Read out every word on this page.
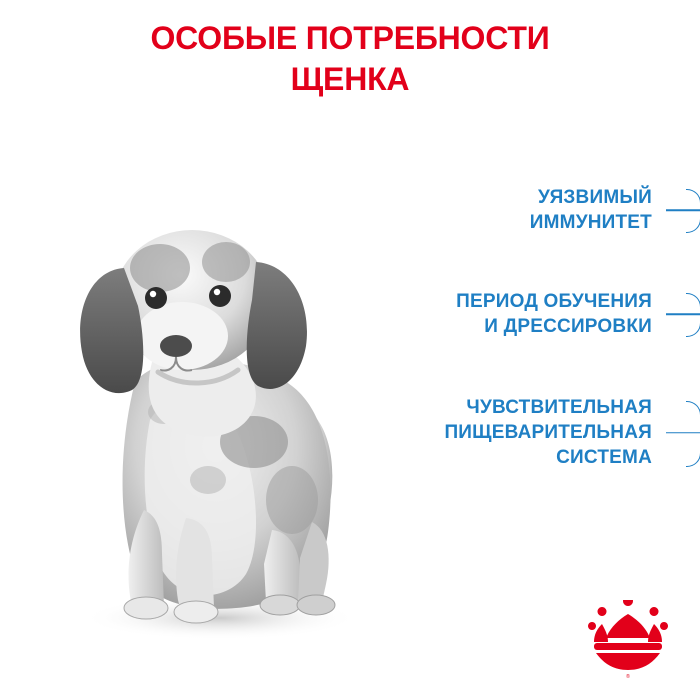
ОСОБЫЕ ПОТРЕБНОСТИ
ЩЕНКА
УЯЗВИМЫЙ
ИММУНИТЕТ
ПЕРИОД ОБУЧЕНИЯ
И ДРЕССИРОВКИ
ЧУВСТВИТЕЛЬНАЯ
ПИЩЕВАРИТЕЛЬНАЯ
СИСТЕМА
®
